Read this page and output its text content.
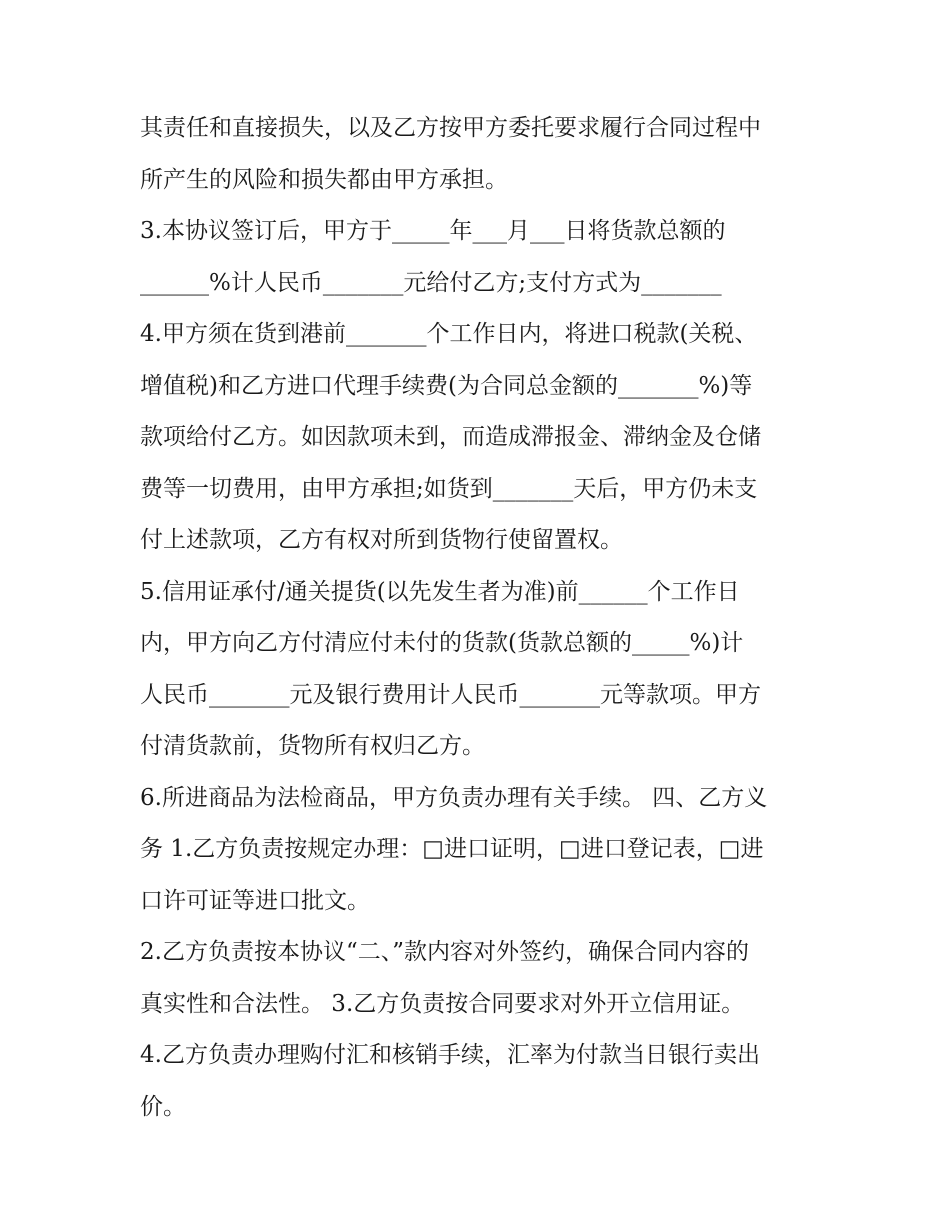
其责任和直接损失，以及乙方按甲方委托要求履行合同过程中
所产生的风险和损失都由甲方承担。
3.本协议签订后，甲方于_____年___月___日将货款总额的
______%计人民币_______元给付乙方;支付方式为_______
4.甲方须在货到港前_______个工作日内，将进口税款(关税、
增值税)和乙方进口代理手续费(为合同总金额的_______%)等
款项给付乙方。如因款项未到，而造成滞报金、滞纳金及仓储
费等一切费用，由甲方承担;如货到_______天后，甲方仍未支
付上述款项，乙方有权对所到货物行使留置权。
5.信用证承付/通关提货(以先发生者为准)前______个工作日
内，甲方向乙方付清应付未付的货款(货款总额的_____%)计
人民币_______元及银行费用计人民币_______元等款项。甲方
付清货款前，货物所有权归乙方。
6.所进商品为法检商品，甲方负责办理有关手续。 四、乙方义
务 1.乙方负责按规定办理：□进口证明，□进口登记表，□进
口许可证等进口批文。
2.乙方负责按本协议“二、”款内容对外签约，确保合同内容的
真实性和合法性。 3.乙方负责按合同要求对外开立信用证。
4.乙方负责办理购付汇和核销手续，汇率为付款当日银行卖出
价。
